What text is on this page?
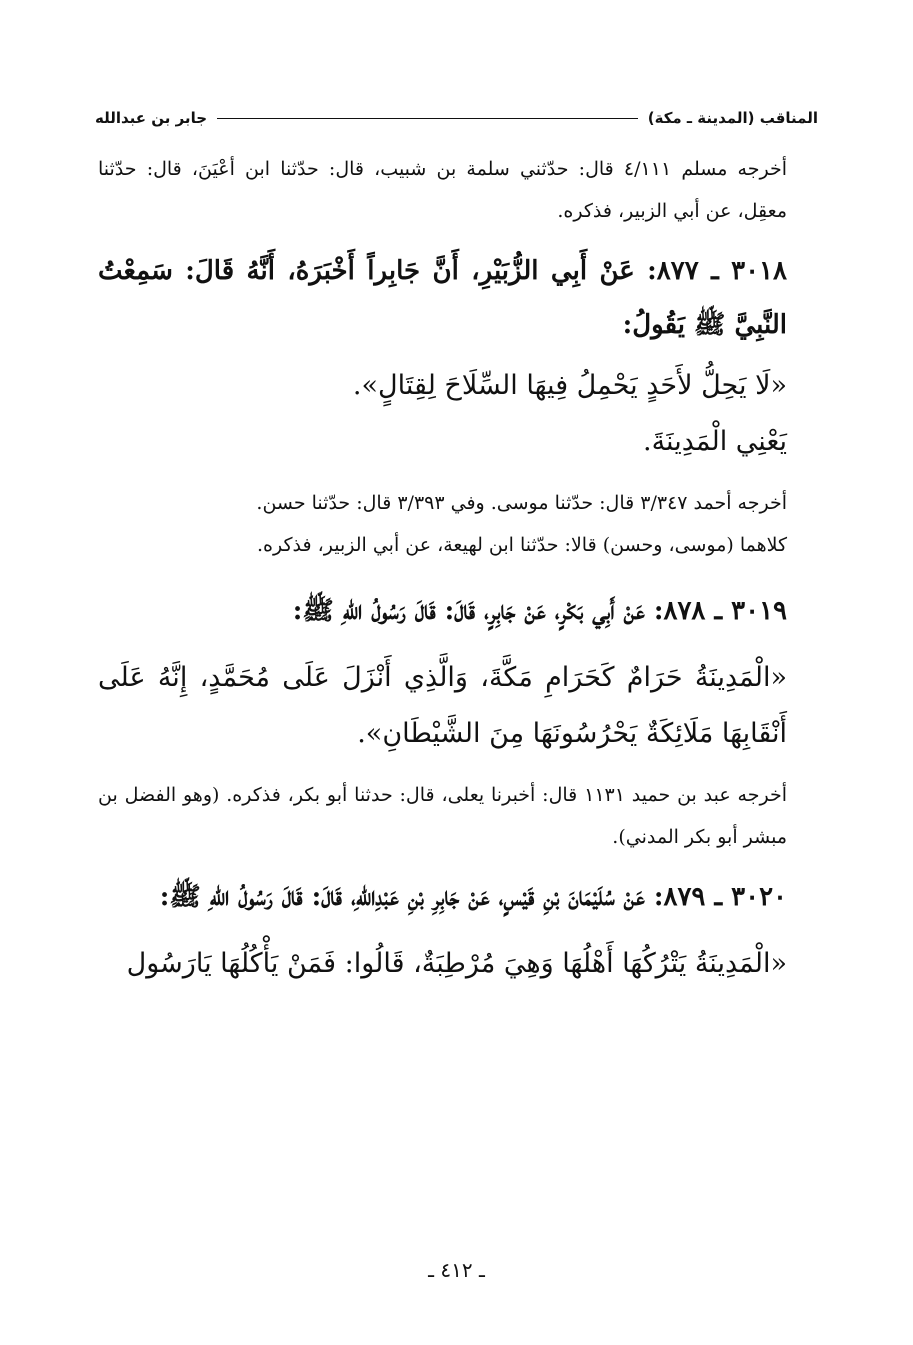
المناقب (المدينة ـ مكة)
جابر بن عبدالله

أخرجه مسلم ٤/١١١ قال: حدّثني سلمة بن شبيب، قال: حدّثنا ابن أعْيَنَ، قال: حدّثنا معقِل، عن أبي الزبير، فذكره.

٣٠١٨ ـ ٨٧٧: عَنْ أَبِي الزُّبَيْرِ، أَنَّ جَابِراً أَخْبَرَهُ، أَنَّهُ قَالَ: سَمِعْتُ النَّبِيَّ ﷺ يَقُولُ:

«لَا يَحِلُّ لأَحَدٍ يَحْمِلُ فِيهَا السِّلَاحَ لِقِتَالٍ».

يَعْنِي الْمَدِينَةَ.

أخرجه أحمد ٣/٣٤٧ قال: حدّثنا موسى. وفي ٣/٣٩٣ قال: حدّثنا حسن.

كلاهما (موسى، وحسن) قالا: حدّثنا ابن لهيعة، عن أبي الزبير، فذكره.

٣٠١٩ ـ ٨٧٨: عَنْ أَبِي بَكْرٍ، عَنْ جَابِرٍ، قَالَ: قَالَ رَسُولُ اللهِ ﷺ:

«الْمَدِينَةُ حَرَامٌ كَحَرَامِ مَكَّةَ، وَالَّذِي أَنْزَلَ عَلَى مُحَمَّدٍ، إِنَّهُ عَلَى أَنْقَابِهَا مَلَائِكَةٌ يَحْرُسُونَهَا مِنَ الشَّيْطَانِ».

أخرجه عبد بن حميد ١١٣١ قال: أخبرنا يعلى، قال: حدثنا أبو بكر، فذكره. (وهو الفضل بن مبشر أبو بكر المدني).

٣٠٢٠ ـ ٨٧٩: عَنْ سُلَيْمَانَ بْنِ قَيْسٍ، عَنْ جَابِرِ بْنِ عَبْدِاللهِ، قَالَ: قَالَ رَسُولُ اللهِ ﷺ:

«الْمَدِينَةُ يَتْرُكُهَا أَهْلُهَا وَهِيَ مُرْطِبَةٌ، قَالُوا: فَمَنْ يَأْكُلُهَا يَارَسُول

ـ ٤١٢ ـ
